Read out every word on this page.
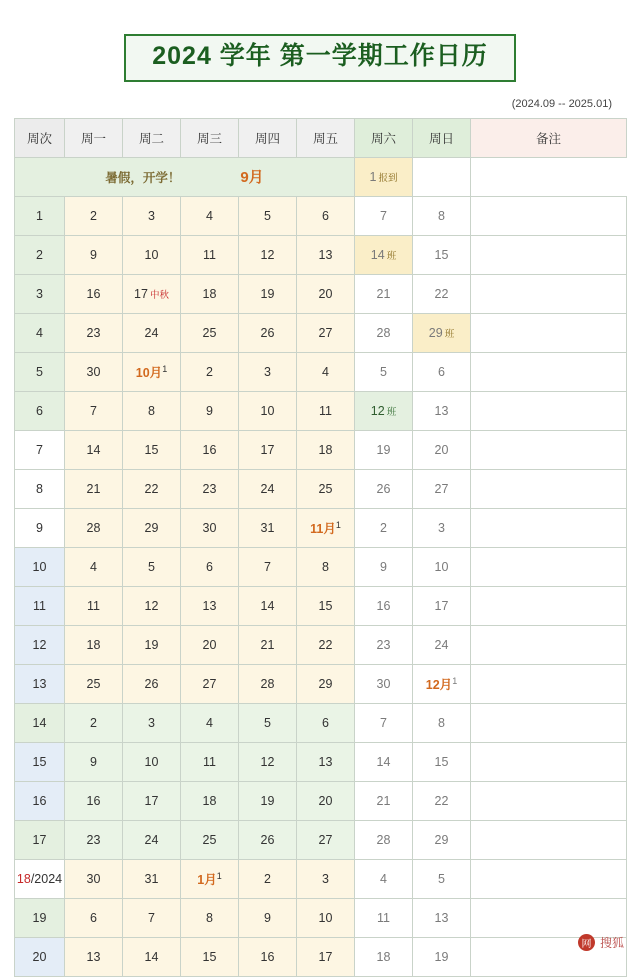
2024 学年 第一学期工作日历
(2024.09 -- 2025.01)
周次	周一	周二	周三	周四	周五	周六	周日	备注

暑假，开学！ 9月						1 报到		
1	2	3	4	5	6	7	8	
2	9	10	11	12	13	14 班	15	
3	16	17 中秋	18	19	20	21	22	
4	23	24	25	26	27	28	29 班	
5	30	10月$^1$	2	3	4	5	6	
6	7	8	9	10	11	12 班	13	
7	14	15	16	17	18	19	20	
8	21	22	23	24	25	26	27	
9	28	29	30	31	11月$^1$	2	3	
10	4	5	6	7	8	9	10	
11	11	12	13	14	15	16	17	
12	18	19	20	21	22	23	24	
13	25	26	27	28	29	30	12月$^1$	
14	2	3	4	5	6	7	8	
15	9	10	11	12	13	14	15	
16	16	17	18	19	20	21	22	
17	23	24	25	26	27	28	29	
18/2024	30	31	1月$^1$	2	3	4	5	
19	6	7	8	9	10	11	13	
20	13	14	15	16	17	18	19	
网 搜狐
